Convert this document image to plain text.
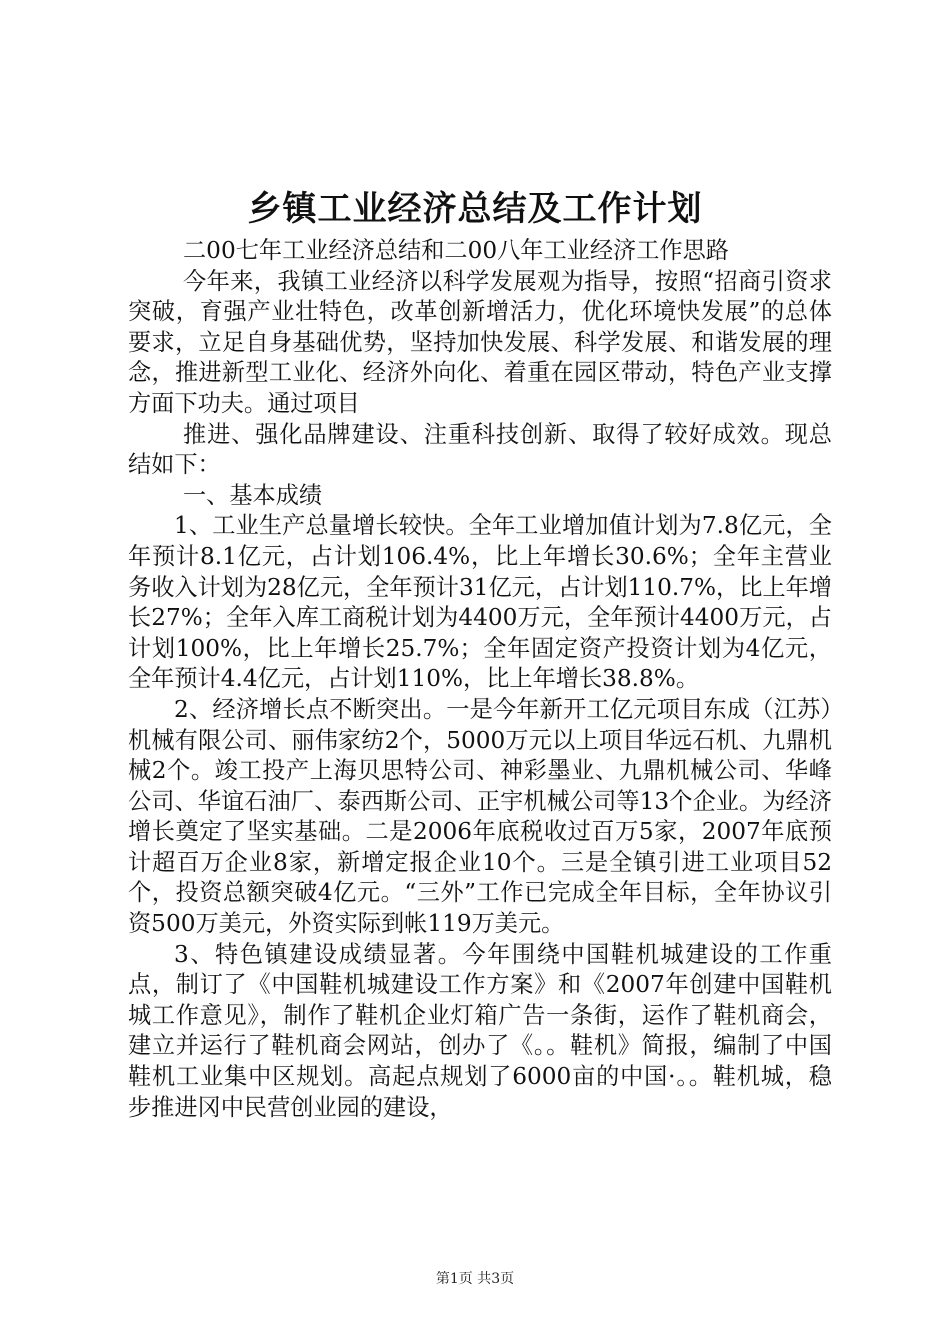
乡镇工业经济总结及工作计划

二00七年工业经济总结和二00八年工业经济工作思路

今年来，我镇工业经济以科学发展观为指导，按照“招商引资求突破，育强产业壮特色，改革创新增活力，优化环境快发展”的总体要求，立足自身基础优势，坚持加快发展、科学发展、和谐发展的理念，推进新型工业化、经济外向化、着重在园区带动，特色产业支撑方面下功夫。通过项目

推进、强化品牌建设、注重科技创新、取得了较好成效。现总结如下：

一、基本成绩

1、工业生产总量增长较快。全年工业增加值计划为7.8亿元，全年预计8.1亿元，占计划106.4%，比上年增长30.6%；全年主营业务收入计划为28亿元，全年预计31亿元，占计划110.7%，比上年增长27%；全年入库工商税计划为4400万元，全年预计4400万元，占计划100%，比上年增长25.7%；全年固定资产投资计划为4亿元，全年预计4.4亿元，占计划110%，比上年增长38.8%。

2、经济增长点不断突出。一是今年新开工亿元项目东成（江苏）机械有限公司、丽伟家纺2个，5000万元以上项目华远石机、九鼎机械2个。竣工投产上海贝思特公司、神彩墨业、九鼎机械公司、华峰公司、华谊石油厂、泰西斯公司、正宇机械公司等13个企业。为经济增长奠定了坚实基础。二是2006年底税收过百万5家，2007年底预计超百万企业8家，新增定报企业10个。三是全镇引进工业项目52个，投资总额突破4亿元。“三外”工作已完成全年目标，全年协议引资500万美元，外资实际到帐119万美元。

3、特色镇建设成绩显著。今年围绕中国鞋机城建设的工作重点，制订了《中国鞋机城建设工作方案》和《2007年创建中国鞋机城工作意见》，制作了鞋机企业灯箱广告一条街，运作了鞋机商会，建立并运行了鞋机商会网站，创办了《。。鞋机》简报，编制了中国鞋机工业集中区规划。高起点规划了6000亩的中国·。。鞋机城，稳步推进冈中民营创业园的建设，

第1页 共3页
